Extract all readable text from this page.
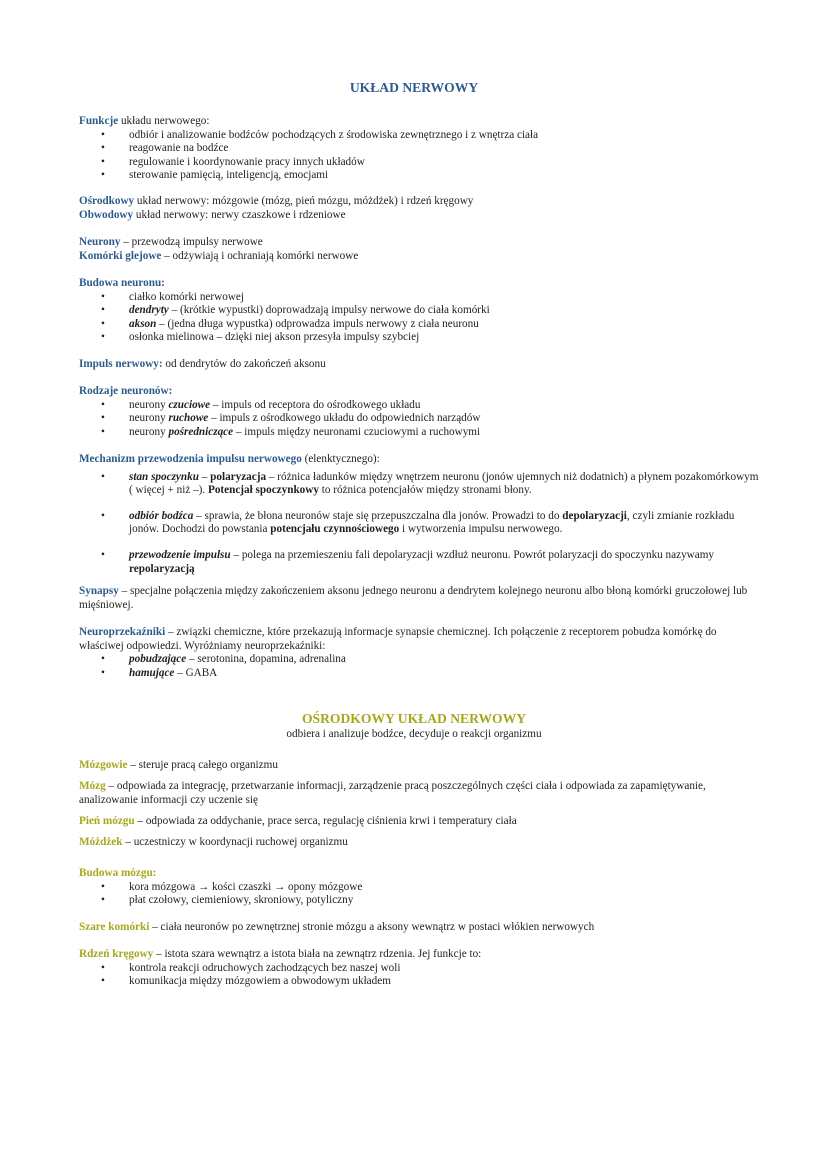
UKŁAD NERWOWY

Funkcje układu nerwowego:

• odbiór i analizowanie bodźców pochodzących z środowiska zewnętrznego i z wnętrza ciała
• reagowanie na bodźce
• regulowanie i koordynowanie pracy innych układów
• sterowanie pamięcią, inteligencją, emocjami

Ośrodkowy układ nerwowy: mózgowie (mózg, pień mózgu, móżdżek) i rdzeń kręgowy

Obwodowy układ nerwowy: nerwy czaszkowe i rdzeniowe

Neurony – przewodzą impulsy nerwowe

Komórki glejowe – odżywiają i ochraniają komórki nerwowe

Budowa neuronu:

• ciałko komórki nerwowej
• dendryty – (krótkie wypustki) doprowadzają impulsy nerwowe do ciała komórki
• akson – (jedna długa wypustka) odprowadza impuls nerwowy z ciała neuronu
• osłonka mielinowa – dzięki niej akson przesyła impulsy szybciej

Impuls nerwowy: od dendrytów do zakończeń aksonu

Rodzaje neuronów:

• neurony czuciowe – impuls od receptora do ośrodkowego układu
• neurony ruchowe – impuls z ośrodkowego układu do odpowiednich narządów
• neurony pośredniczące – impuls między neuronami czuciowymi a ruchowymi

Mechanizm przewodzenia impulsu nerwowego (elenktycznego):

• stan spoczynku – polaryzacja – różnica ładunków między wnętrzem neuronu (jonów ujemnych niż dodatnich) a płynem pozakomórkowym ( więcej + niż –). Potencjał spoczynkowy to różnica potencjałów między stronami błony.
• odbiór bodźca – sprawia, że błona neuronów staje się przepuszczalna dla jonów. Prowadzi to do depolaryzacji, czyli zmianie rozkładu jonów. Dochodzi do powstania potencjału czynnościowego i wytworzenia impulsu nerwowego.
• przewodzenie impulsu – polega na przemieszeniu fali depolaryzacji wzdłuż neuronu. Powrót polaryzacji do spoczynku nazywamy repolaryzacją

Synapsy – specjalne połączenia między zakończeniem aksonu jednego neuronu a dendrytem kolejnego neuronu albo błoną komórki gruczołowej lub mięśniowej.

Neuroprzekaźniki – związki chemiczne, które przekazują informacje synapsie chemicznej. Ich połączenie z receptorem pobudza komórkę do właściwej odpowiedzi. Wyróżniamy neuroprzekaźniki:

• pobudzające – serotonina, dopamina, adrenalina
• hamujące – GABA
OŚRODKOWY UKŁAD NERWOWY
odbiera i analizuje bodźce, decyduje o reakcji organizmu

Mózgowie – steruje pracą całego organizmu

Mózg – odpowiada za integrację, przetwarzanie informacji, zarządzenie pracą poszczególnych części ciała i odpowiada za zapamiętywanie, analizowanie informacji czy uczenie się

Pień mózgu – odpowiada za oddychanie, prace serca, regulację ciśnienia krwi i temperatury ciała

Móżdżek – uczestniczy w koordynacji ruchowej organizmu

Budowa mózgu:

• kora mózgowa → kości czaszki → opony mózgowe
• płat czołowy, ciemieniowy, skroniowy, potyliczny

Szare komórki – ciała neuronów po zewnętrznej stronie mózgu a aksony wewnątrz w postaci włókien nerwowych

Rdzeń kręgowy – istota szara wewnątrz a istota biała na zewnątrz rdzenia. Jej funkcje to:

• kontrola reakcji odruchowych zachodzących bez naszej woli
• komunikacja między mózgowiem a obwodowym układem
